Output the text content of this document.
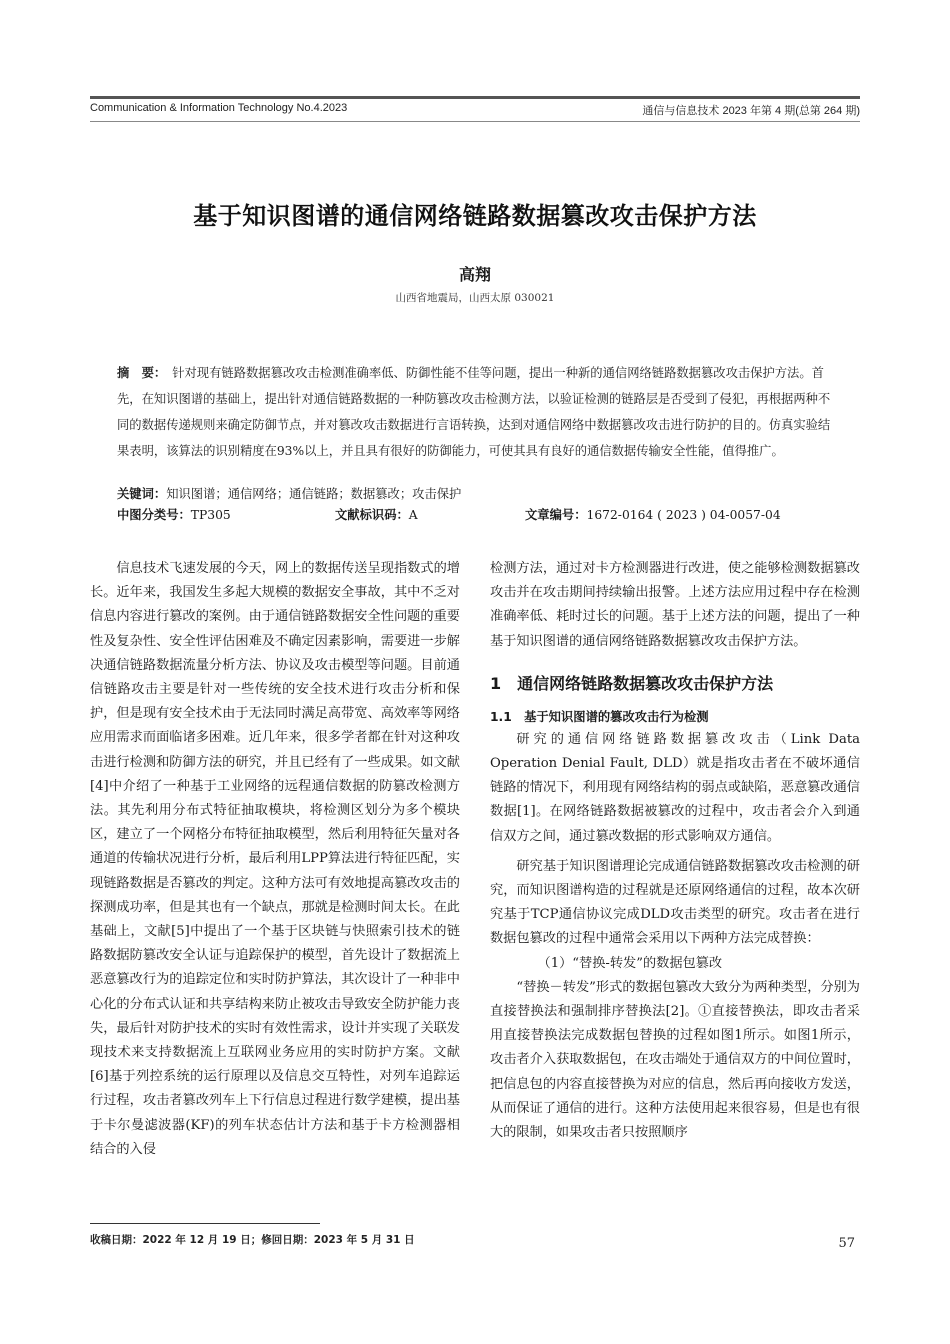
Communication & Information Technology No.4.2023	通信与信息技术 2023 年第 4 期(总第 264 期)
基于知识图谱的通信网络链路数据篡改攻击保护方法
高翔
山西省地震局，山西太原 030021
摘　要： 针对现有链路数据篡改攻击检测准确率低、防御性能不佳等问题，提出一种新的通信网络链路数据篡改攻击保护方法。首先，在知识图谱的基础上，提出针对通信链路数据的一种防篡改攻击检测方法，以验证检测的链路层是否受到了侵犯，再根据两种不同的数据传递规则来确定防御节点，并对篡改攻击数据进行言语转换，达到对通信网络中数据篡改攻击进行防护的目的。仿真实验结果表明，该算法的识别精度在93%以上，并且具有很好的防御能力，可使其具有良好的通信数据传输安全性能，值得推广。
关键词：知识图谱；通信网络；通信链路；数据篡改；攻击保护
中图分类号：TP305	文献标识码：A	文章编号：1672-0164 ( 2023 ) 04-0057-04

信息技术飞速发展的今天，网上的数据传送呈现指数式的增长。近年来，我国发生多起大规模的数据安全事故，其中不乏对信息内容进行篡改的案例。由于通信链路数据安全性问题的重要性及复杂性、安全性评估困难及不确定因素影响，需要进一步解决通信链路数据流量分析方法、协议及攻击模型等问题。目前通信链路攻击主要是针对一些传统的安全技术进行攻击分析和保护，但是现有安全技术由于无法同时满足高带宽、高效率等网络应用需求而面临诸多困难。近几年来，很多学者都在针对这种攻击进行检测和防御方法的研究，并且已经有了一些成果。如文献[4]中介绍了一种基于工业网络的远程通信数据的防篡改检测方法。其先利用分布式特征抽取模块，将检测区划分为多个模块区，建立了一个网格分布特征抽取模型，然后利用特征矢量对各通道的传输状况进行分析，最后利用LPP算法进行特征匹配，实现链路数据是否篡改的判定。这种方法可有效地提高篡改攻击的探测成功率，但是其也有一个缺点，那就是检测时间太长。在此基础上，文献[5]中提出了一个基于区块链与快照索引技术的链路数据防篡改安全认证与追踪保护的模型，首先设计了数据流上恶意篡改行为的追踪定位和实时防护算法，其次设计了一种非中心化的分布式认证和共享结构来防止被攻击导致安全防护能力丧失，最后针对防护技术的实时有效性需求，设计并实现了关联发现技术来支持数据流上互联网业务应用的实时防护方案。文献[6]基于列控系统的运行原理以及信息交互特性，对列车追踪运行过程，攻击者篡改列车上下行信息过程进行数学建模，提出基于卡尔曼滤波器(KF)的列车状态估计方法和基于卡方检测器相结合的入侵

检测方法，通过对卡方检测器进行改进，使之能够检测数据篡改攻击并在攻击期间持续输出报警。上述方法应用过程中存在检测准确率低、耗时过长的问题。基于上述方法的问题，提出了一种基于知识图谱的通信网络链路数据篡改攻击保护方法。

1　通信网络链路数据篡改攻击保护方法
1.1　基于知识图谱的篡改攻击行为检测

研究的通信网络链路数据篡改攻击（Link Data Operation Denial Fault, DLD）就是指攻击者在不破坏通信链路的情况下，利用现有网络结构的弱点或缺陷，恶意篡改通信数据[1]。在网络链路数据被篡改的过程中，攻击者会介入到通信双方之间，通过篡改数据的形式影响双方通信。

研究基于知识图谱理论完成通信链路数据篡改攻击检测的研究，而知识图谱构造的过程就是还原网络通信的过程，故本次研究基于TCP通信协议完成DLD攻击类型的研究。攻击者在进行数据包篡改的过程中通常会采用以下两种方法完成替换：

（1）“替换-转发”的数据包篡改

“替换－转发”形式的数据包篡改大致分为两种类型，分别为直接替换法和强制排序替换法[2]。①直接替换法，即攻击者采用直接替换法完成数据包替换的过程如图1所示。如图1所示，攻击者介入获取数据包，在攻击端处于通信双方的中间位置时，把信息包的内容直接替换为对应的信息，然后再向接收方发送，从而保证了通信的进行。这种方法使用起来很容易，但是也有很大的限制，如果攻击者只按照顺序

收稿日期：2022 年 12 月 19 日；修回日期：2023 年 5 月 31 日	57
